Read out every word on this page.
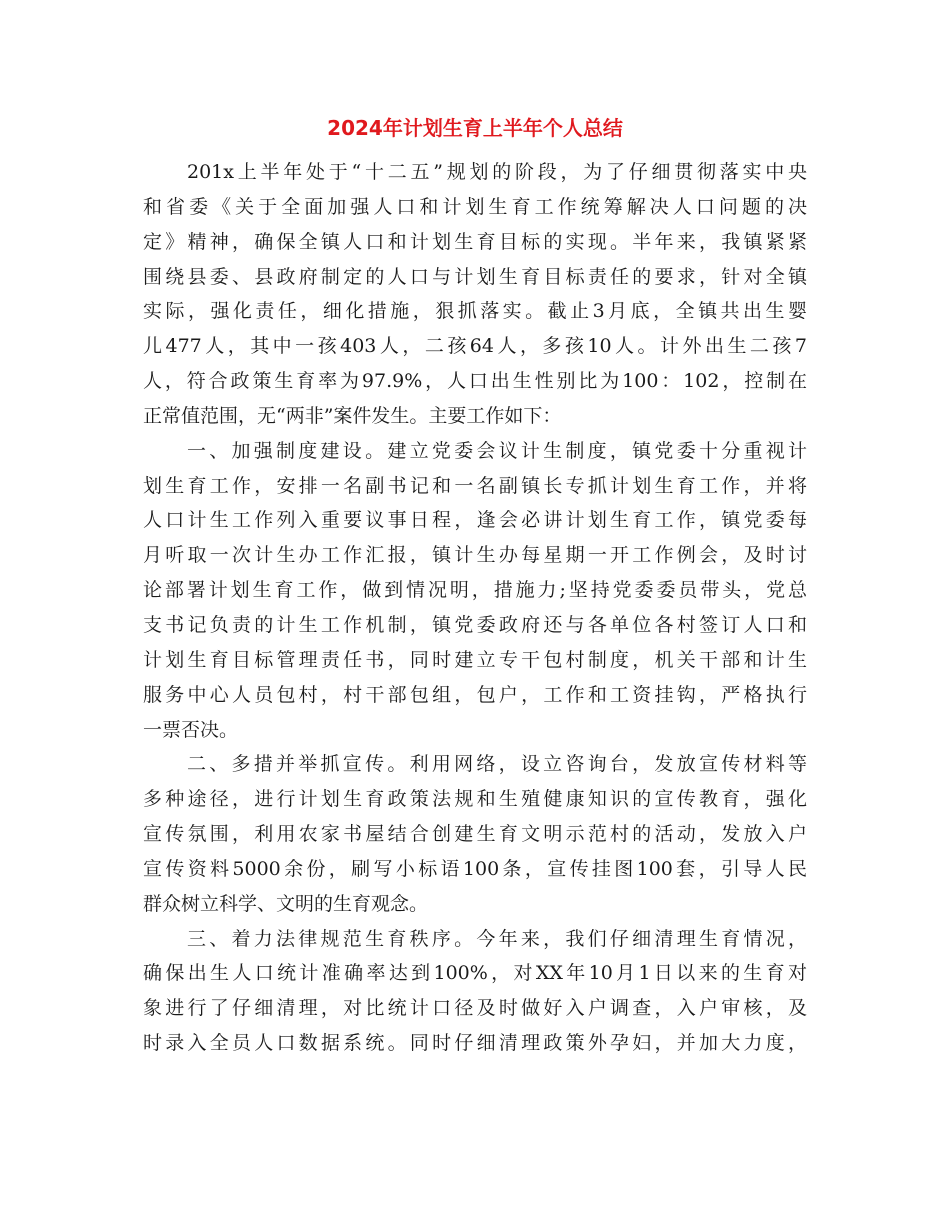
2024年计划生育上半年个人总结
201x上半年处于“十二五”规划的阶段，为了仔细贯彻落实中央
和省委《关于全面加强人口和计划生育工作统筹解决人口问题的决
定》精神，确保全镇人口和计划生育目标的实现。半年来，我镇紧紧
围绕县委、县政府制定的人口与计划生育目标责任的要求，针对全镇
实际，强化责任，细化措施，狠抓落实。截止3月底，全镇共出生婴
儿477人，其中一孩403人，二孩64人，多孩10人。计外出生二孩7
人，符合政策生育率为97.9%，人口出生性别比为100：102，控制在
正常值范围，无“两非”案件发生。主要工作如下：
一、加强制度建设。建立党委会议计生制度，镇党委十分重视计
划生育工作，安排一名副书记和一名副镇长专抓计划生育工作，并将
人口计生工作列入重要议事日程，逢会必讲计划生育工作，镇党委每
月听取一次计生办工作汇报，镇计生办每星期一开工作例会，及时讨
论部署计划生育工作，做到情况明，措施力;坚持党委委员带头，党总
支书记负责的计生工作机制，镇党委政府还与各单位各村签订人口和
计划生育目标管理责任书，同时建立专干包村制度，机关干部和计生
服务中心人员包村，村干部包组，包户，工作和工资挂钩，严格执行
一票否决。
二、多措并举抓宣传。利用网络，设立咨询台，发放宣传材料等
多种途径，进行计划生育政策法规和生殖健康知识的宣传教育，强化
宣传氛围，利用农家书屋结合创建生育文明示范村的活动，发放入户
宣传资料5000余份，刷写小标语100条，宣传挂图100套，引导人民
群众树立科学、文明的生育观念。
三、着力法律规范生育秩序。今年来，我们仔细清理生育情况，
确保出生人口统计准确率达到100%，对XX年10月1日以来的生育对
象进行了仔细清理，对比统计口径及时做好入户调查，入户审核，及
时录入全员人口数据系统。同时仔细清理政策外孕妇，并加大力度，
